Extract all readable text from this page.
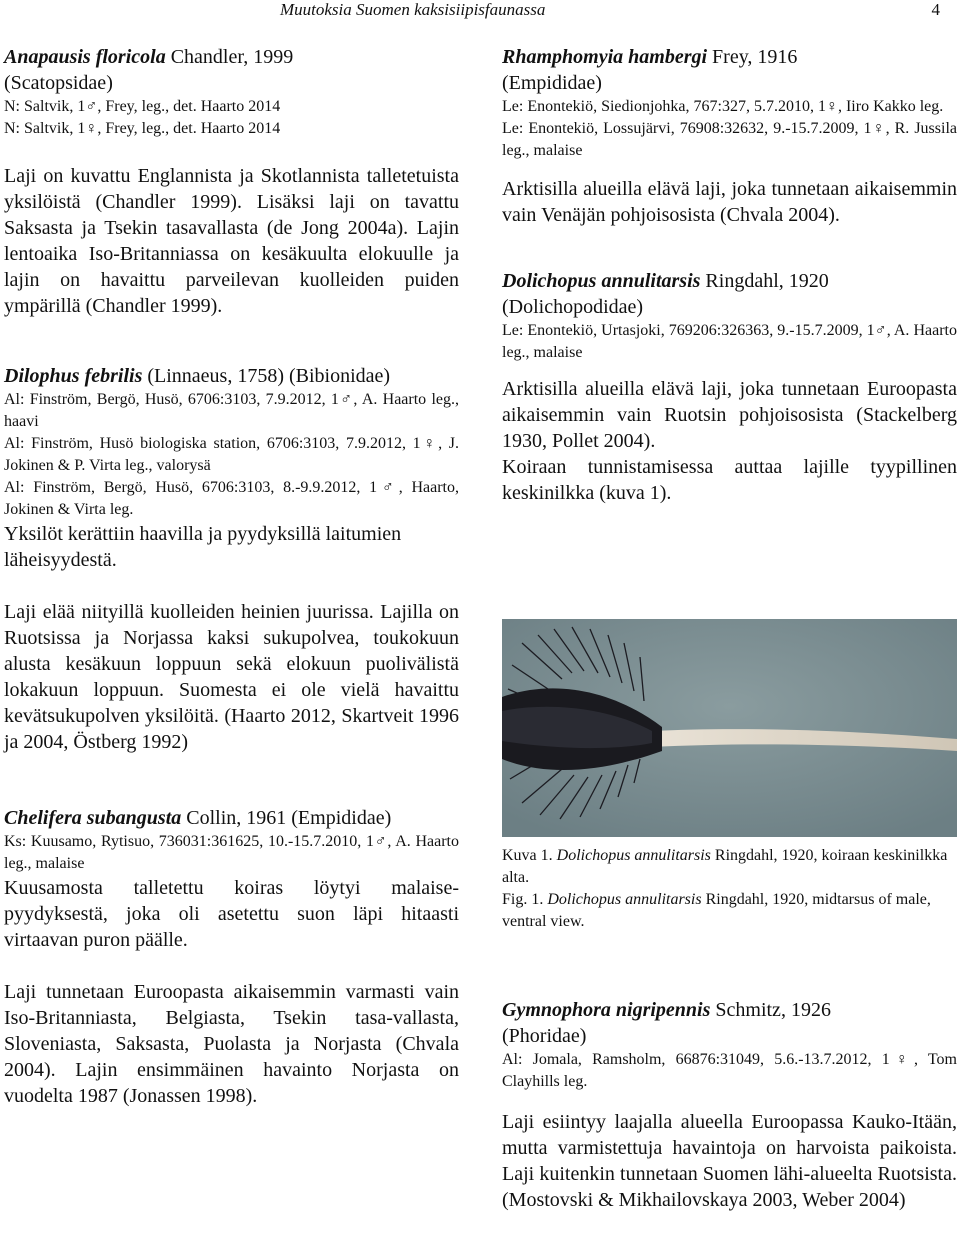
Muutoksia Suomen kaksisiipisfaunassa	4
Anapausis floricola Chandler, 1999
(Scatopsidae)
N: Saltvik, 1♂, Frey, leg., det. Haarto 2014
N: Saltvik, 1♀, Frey, leg., det. Haarto 2014

Laji on kuvattu Englannista ja Skotlannista talletetuista yksilöistä (Chandler 1999). Lisäksi laji on tavattu Saksasta ja Tsekin tasavallasta (de Jong 2004a). Lajin lentoaika Iso-Britanniassa on kesäkuulta elokuulle ja lajin on havaittu parveilevan kuolleiden puiden ympärillä (Chandler 1999).

Dilophus febrilis (Linnaeus, 1758) (Bibionidae)
Al: Finström, Bergö, Husö, 6706:3103, 7.9.2012, 1♂, A. Haarto leg., haavi
Al: Finström, Husö biologiska station, 6706:3103, 7.9.2012, 1♀, J. Jokinen & P. Virta leg., valorysä
Al: Finström, Bergö, Husö, 6706:3103, 8.-9.9.2012, 1♂, Haarto, Jokinen & Virta leg.

Yksilöt kerättiin haavilla ja pyydyksillä laitumien läheisyydestä.

Laji elää niityillä kuolleiden heinien juurissa. Lajilla on Ruotsissa ja Norjassa kaksi sukupolvea, toukokuun alusta kesäkuun loppuun sekä elokuun puolivälistä lokakuun loppuun. Suomesta ei ole vielä havaittu kevätsukupolven yksilöitä. (Haarto 2012, Skartveit 1996 ja 2004, Östberg 1992)

Chelifera subangusta Collin, 1961 (Empididae)
Ks: Kuusamo, Rytisuo, 736031:361625, 10.-15.7.2010, 1♂, A. Haarto leg., malaise

Kuusamosta talletettu koiras löytyi malaise-pyydyksestä, joka oli asetettu suon läpi hitaasti virtaavan puron päälle.

Laji tunnetaan Euroopasta aikaisemmin varmasti vain Iso-Britanniasta, Belgiasta, Tsekin tasa-vallasta, Sloveniasta, Saksasta, Puolasta ja Norjasta (Chvala 2004). Lajin ensimmäinen havainto Norjasta on vuodelta 1987 (Jonassen 1998).

Rhamphomyia hambergi Frey, 1916
(Empididae)
Le: Enontekiö, Siedionjohka, 767:327, 5.7.2010, 1♀, Iiro Kakko leg.
Le: Enontekiö, Lossujärvi, 76908:32632, 9.-15.7.2009, 1♀, R. Jussila leg., malaise

Arktisilla alueilla elävä laji, joka tunnetaan aikaisemmin vain Venäjän pohjoisosista (Chvala 2004).

Dolichopus annulitarsis Ringdahl, 1920
(Dolichopodidae)
Le: Enontekiö, Urtasjoki, 769206:326363, 9.-15.7.2009, 1♂, A. Haarto leg., malaise

Arktisilla alueilla elävä laji, joka tunnetaan Euroopasta aikaisemmin vain Ruotsin pohjoisosista (Stackelberg 1930, Pollet 2004).

Koiraan tunnistamisessa auttaa lajille tyypillinen keskinilkka (kuva 1).

Kuva 1. Dolichopus annulitarsis Ringdahl, 1920, koiraan keskinilkka alta.

Fig. 1. Dolichopus annulitarsis Ringdahl, 1920, midtarsus of male, ventral view.

Gymnophora nigripennis Schmitz, 1926
(Phoridae)
Al: Jomala, Ramsholm, 66876:31049, 5.6.-13.7.2012, 1♀, Tom Clayhills leg.

Laji esiintyy laajalla alueella Euroopassa Kauko-Itään, mutta varmistettuja havaintoja on harvoista paikoista. Laji kuitenkin tunnetaan Suomen lähi-alueelta Ruotsista. (Mostovski & Mikhailovskaya 2003, Weber 2004)
